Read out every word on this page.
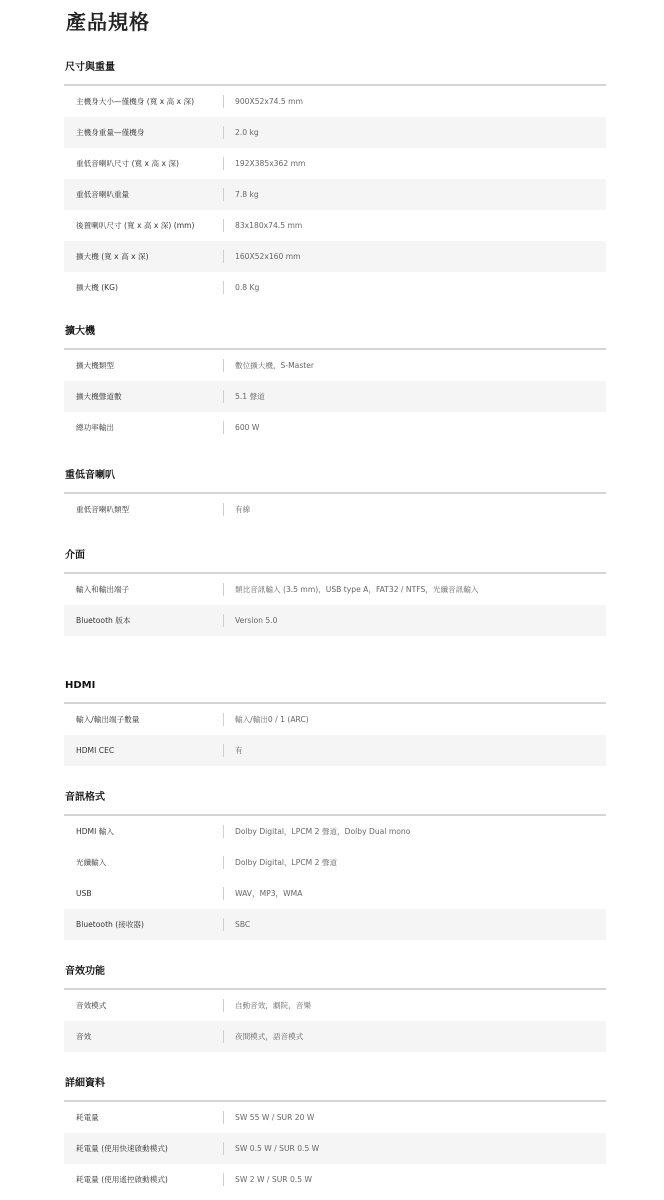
產品規格
尺寸與重量
主機身大小—僅機身 (寬 x 高 x 深)	900X52x74.5 mm
主機身重量—僅機身	2.0 kg
重低音喇叭尺寸 (寬 x 高 x 深)	192X385x362 mm
重低音喇叭重量	7.8 kg
後置喇叭尺寸 (寬 x 高 x 深) (mm)	83x180x74.5 mm
擴大機 (寬 x 高 x 深)	160X52x160 mm
擴大機 (KG)	0.8 Kg
擴大機
擴大機類型	數位擴大機，S-Master
擴大機聲道數	5.1 聲道
總功率輸出	600 W
重低音喇叭
重低音喇叭類型	有線
介面
輸入和輸出端子	類比音訊輸入 (3.5 mm)，USB type A，FAT32 / NTFS，光纖音訊輸入
Bluetooth 版本	Version 5.0
HDMI
輸入/輸出端子數量	輸入/輸出0 / 1 (ARC)
HDMI CEC	有
音訊格式
HDMI 輸入	Dolby Digital，LPCM 2 聲道，Dolby Dual mono
光纖輸入	Dolby Digital，LPCM 2 聲道
USB	WAV，MP3，WMA
Bluetooth (接收器)	SBC
音效功能
音效模式	自動音效，劇院，音樂
音效	夜間模式，語音模式
詳細資料
耗電量	SW 55 W / SUR 20 W
耗電量 (使用快速啟動模式)	SW 0.5 W / SUR 0.5 W
耗電量 (使用遙控啟動模式)	SW 2 W / SUR 0.5 W
